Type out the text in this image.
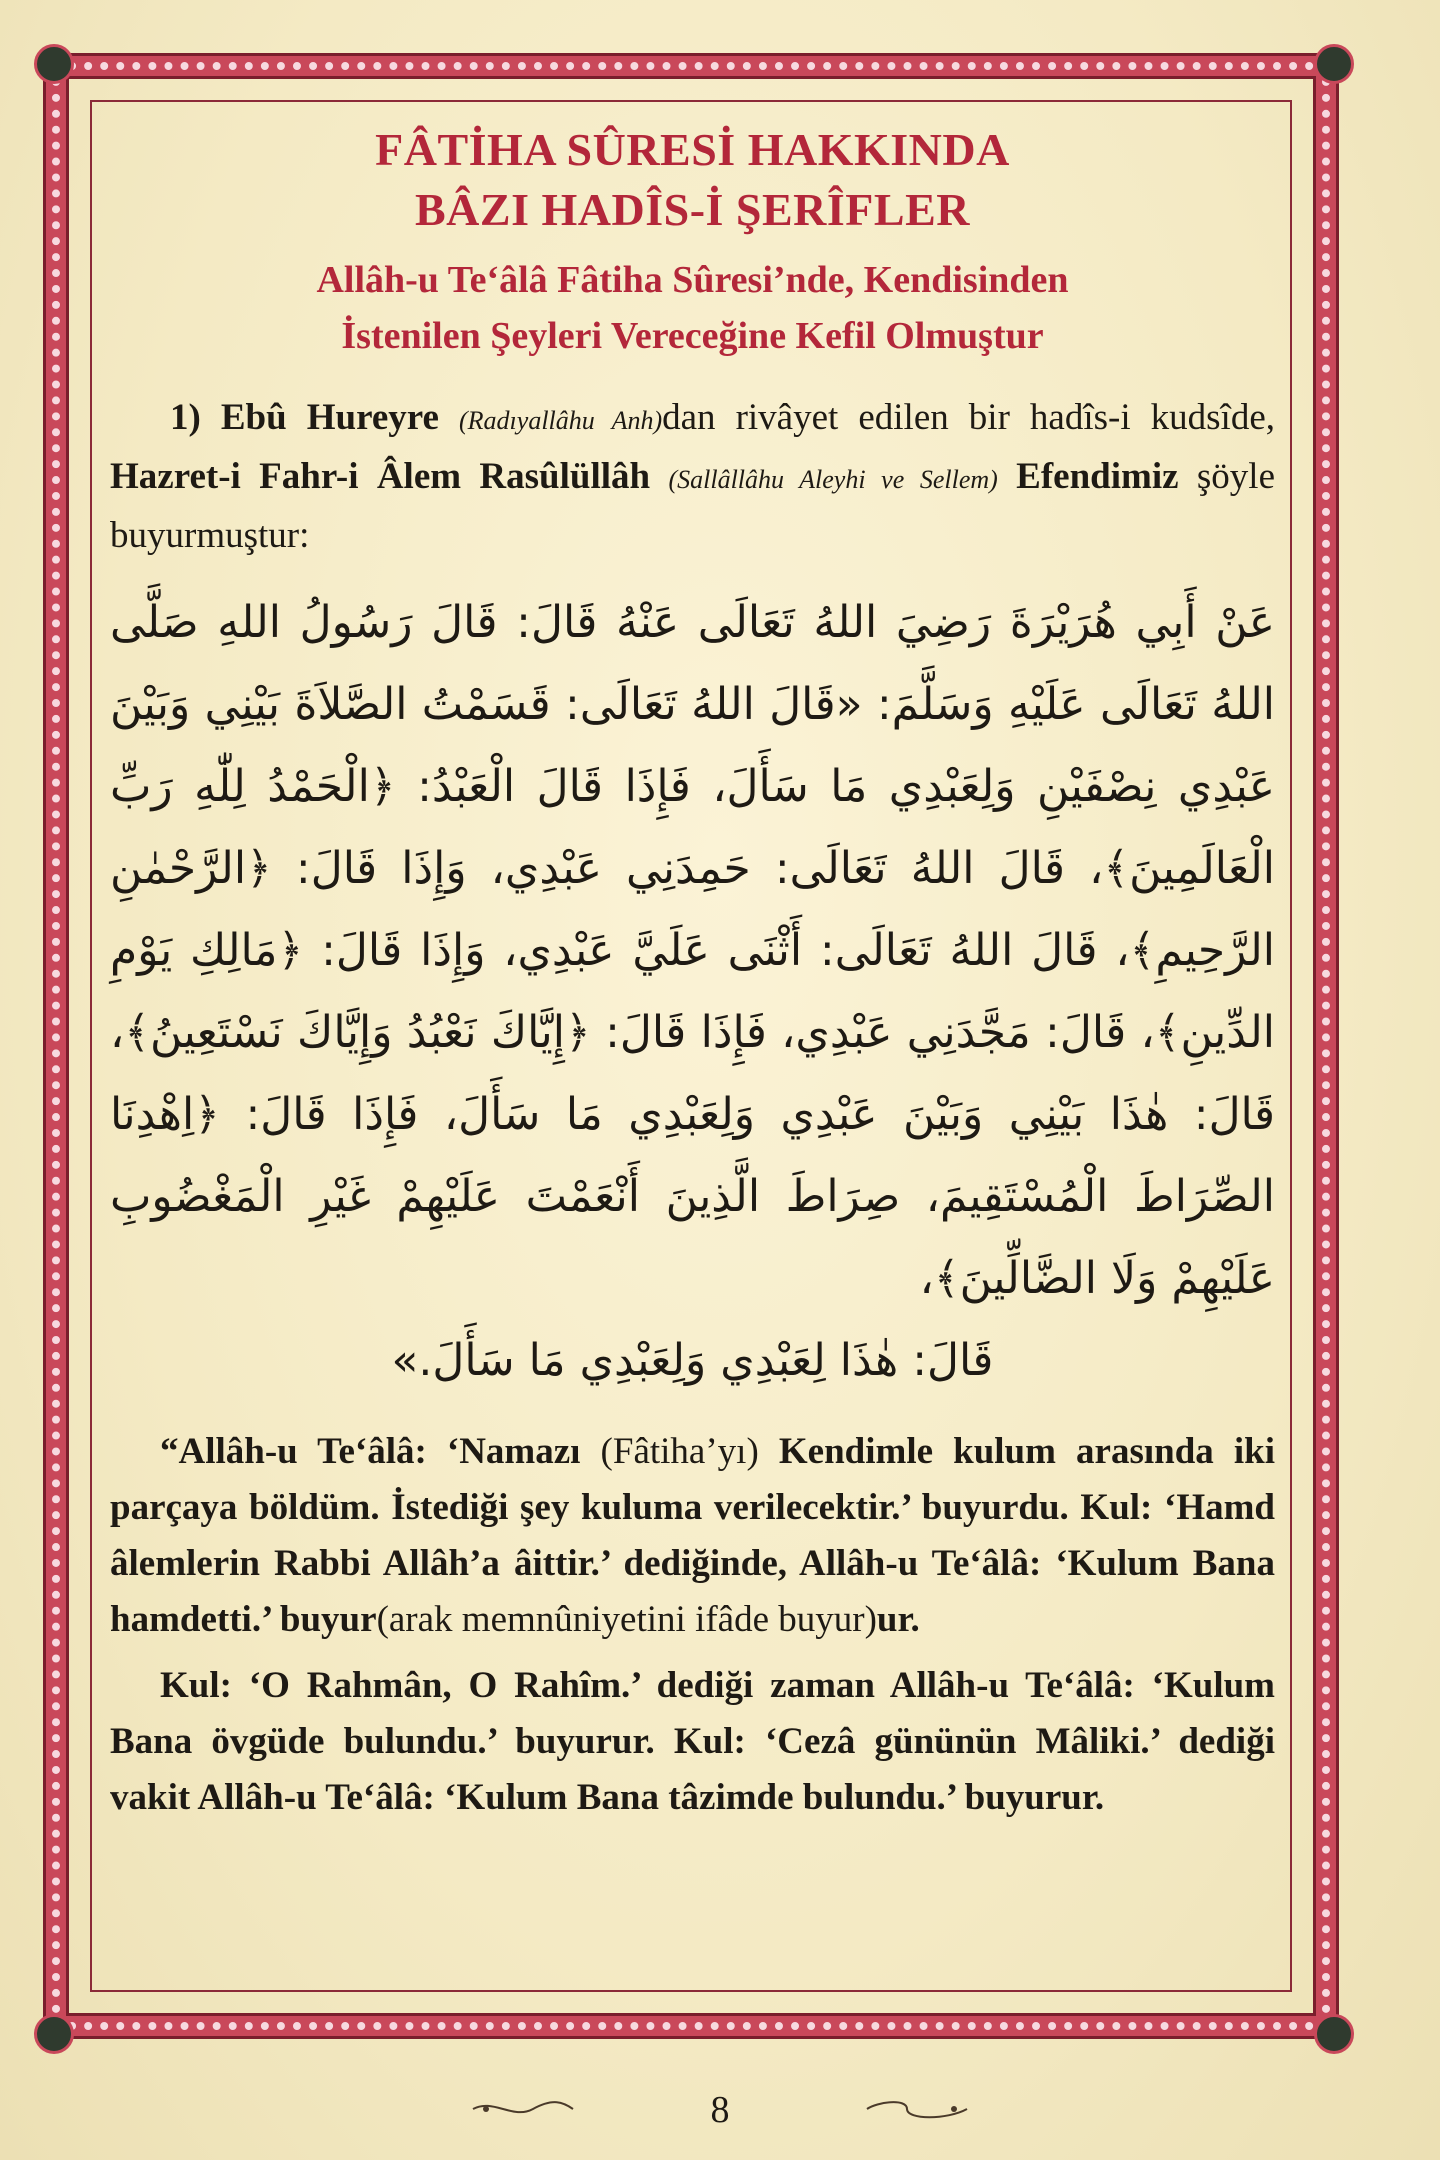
FÂTİHA SÛRESİ HAKKINDA
BÂZI HADÎS-İ ŞERÎFLER
Allâh-u Te‘âlâ Fâtiha Sûresi’nde, Kendisinden
İstenilen Şeyleri Vereceğine Kefil Olmuştur

1) Ebû Hureyre (Radıyallâhu Anh)dan rivâyet edilen bir hadîs-i kudsîde, Hazret-i Fahr-i Âlem Rasûlüllâh (Sallâllâhu Aleyhi ve Sellem) Efendimiz şöyle buyurmuştur:

عَنْ أَبِي هُرَيْرَةَ رَضِيَ اللهُ تَعَالَى عَنْهُ قَالَ: قَالَ رَسُولُ اللهِ صَلَّى اللهُ تَعَالَى عَلَيْهِ وَسَلَّمَ: «قَالَ اللهُ تَعَالَى: قَسَمْتُ الصَّلاَةَ بَيْنِي وَبَيْنَ عَبْدِي نِصْفَيْنِ وَلِعَبْدِي مَا سَأَلَ، فَإِذَا قَالَ الْعَبْدُ: ﴿الْحَمْدُ لِلّٰهِ رَبِّ الْعَالَمِينَ﴾، قَالَ اللهُ تَعَالَى: حَمِدَنِي عَبْدِي، وَإِذَا قَالَ: ﴿الرَّحْمٰنِ الرَّحِيمِ﴾، قَالَ اللهُ تَعَالَى: أَثْنَى عَلَيَّ عَبْدِي، وَإِذَا قَالَ: ﴿مَالِكِ يَوْمِ الدِّينِ﴾، قَالَ: مَجَّدَنِي عَبْدِي، فَإِذَا قَالَ: ﴿إِيَّاكَ نَعْبُدُ وَإِيَّاكَ نَسْتَعِينُ﴾، قَالَ: هٰذَا بَيْنِي وَبَيْنَ عَبْدِي وَلِعَبْدِي مَا سَأَلَ، فَإِذَا قَالَ: ﴿اِهْدِنَا الصِّرَاطَ الْمُسْتَقِيمَ، صِرَاطَ الَّذِينَ أَنْعَمْتَ عَلَيْهِمْ غَيْرِ الْمَغْضُوبِ عَلَيْهِمْ وَلَا الضَّالِّينَ﴾،
قَالَ: هٰذَا لِعَبْدِي وَلِعَبْدِي مَا سَأَلَ.»

“Allâh-u Te‘âlâ: ‘Namazı (Fâtiha’yı) Kendimle kulum arasında iki parçaya böldüm. İstediği şey kuluma verilecektir.’ buyurdu. Kul: ‘Hamd âlemlerin Rabbi Allâh’a âittir.’ dediğinde, Allâh-u Te‘âlâ: ‘Kulum Bana hamdetti.’ buyur(arak memnûniyetini ifâde buyur)ur.

Kul: ‘O Rahmân, O Rahîm.’ dediği zaman Allâh-u Te‘âlâ: ‘Kulum Bana övgüde bulundu.’ buyurur. Kul: ‘Cezâ gününün Mâliki.’ dediği vakit Allâh-u Te‘âlâ: ‘Kulum Bana tâzimde bulundu.’ buyurur.

8
